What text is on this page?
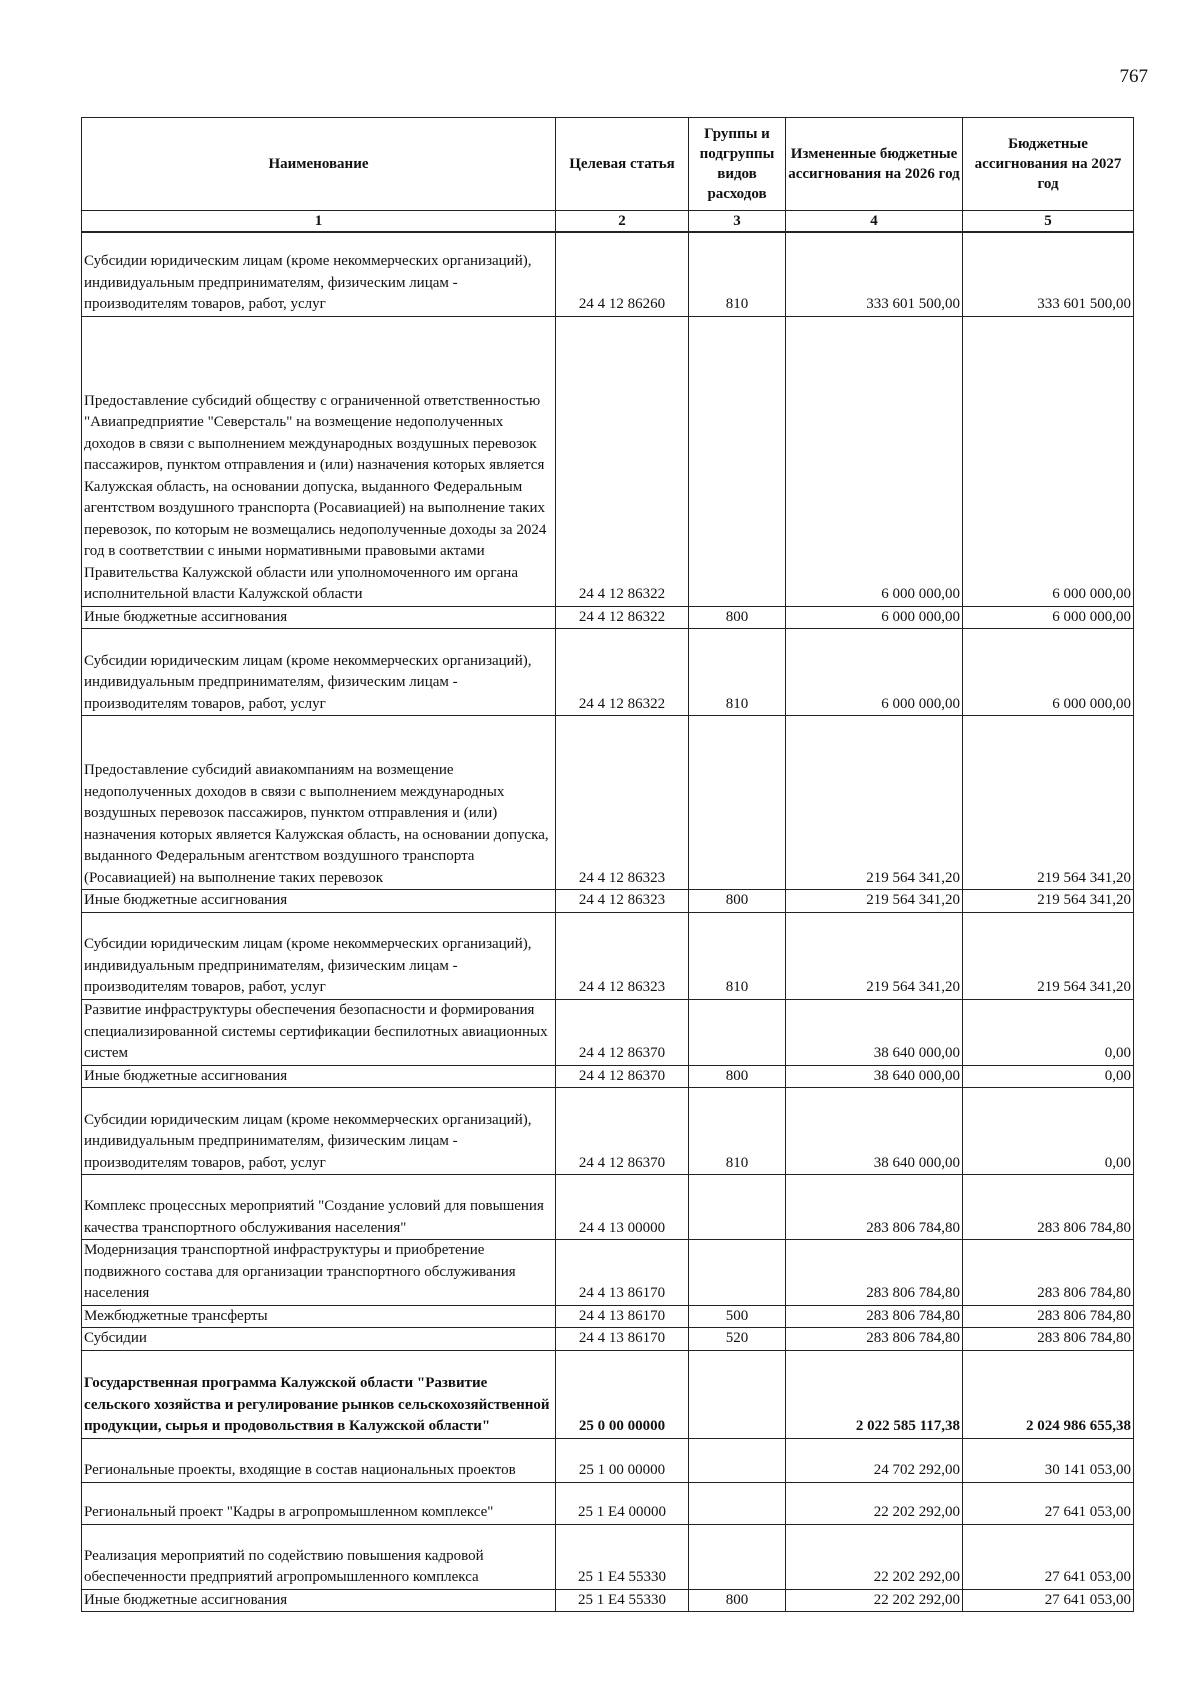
767
Наименование	Целевая статья	Группы и подгруппы видов расходов	Измененные бюджетные ассигнования на 2026 год	Бюджетные ассигнования на 2027 год
1	2	3	4	5
Субсидии юридическим лицам (кроме некоммерческих организаций), индивидуальным предпринимателям, физическим лицам - производителям товаров, работ, услуг	24 4 12 86260	810	333 601 500,00	333 601 500,00
Предоставление субсидий обществу с ограниченной ответственностью "Авиапредприятие "Северсталь" на возмещение недополученных доходов в связи с выполнением международных воздушных перевозок пассажиров, пунктом отправления и (или) назначения которых является Калужская область, на основании допуска, выданного Федеральным агентством воздушного транспорта (Росавиацией) на выполнение таких перевозок, по которым не возмещались недополученные доходы за 2024 год в соответствии с иными нормативными правовыми актами Правительства Калужской области или уполномоченного им органа исполнительной власти Калужской области	24 4 12 86322		6 000 000,00	6 000 000,00
Иные бюджетные ассигнования	24 4 12 86322	800	6 000 000,00	6 000 000,00
Субсидии юридическим лицам (кроме некоммерческих организаций), индивидуальным предпринимателям, физическим лицам - производителям товаров, работ, услуг	24 4 12 86322	810	6 000 000,00	6 000 000,00
Предоставление субсидий авиакомпаниям на возмещение недополученных доходов в связи с выполнением международных воздушных перевозок пассажиров, пунктом отправления и (или) назначения которых является Калужская область, на основании допуска, выданного Федеральным агентством воздушного транспорта (Росавиацией) на выполнение таких перевозок	24 4 12 86323		219 564 341,20	219 564 341,20
Иные бюджетные ассигнования	24 4 12 86323	800	219 564 341,20	219 564 341,20
Субсидии юридическим лицам (кроме некоммерческих организаций), индивидуальным предпринимателям, физическим лицам - производителям товаров, работ, услуг	24 4 12 86323	810	219 564 341,20	219 564 341,20
Развитие инфраструктуры обеспечения безопасности и формирования специализированной системы сертификации беспилотных авиационных систем	24 4 12 86370		38 640 000,00	0,00
Иные бюджетные ассигнования	24 4 12 86370	800	38 640 000,00	0,00
Субсидии юридическим лицам (кроме некоммерческих организаций), индивидуальным предпринимателям, физическим лицам - производителям товаров, работ, услуг	24 4 12 86370	810	38 640 000,00	0,00
Комплекс процессных мероприятий "Создание условий для повышения качества транспортного обслуживания населения"	24 4 13 00000		283 806 784,80	283 806 784,80
Модернизация транспортной инфраструктуры и приобретение подвижного состава для организации транспортного обслуживания населения	24 4 13 86170		283 806 784,80	283 806 784,80
Межбюджетные трансферты	24 4 13 86170	500	283 806 784,80	283 806 784,80
Субсидии	24 4 13 86170	520	283 806 784,80	283 806 784,80
Государственная программа Калужской области "Развитие сельского хозяйства и регулирование рынков сельскохозяйственной продукции, сырья и продовольствия в Калужской области"	25 0 00 00000		2 022 585 117,38	2 024 986 655,38
Региональные проекты, входящие в состав национальных проектов	25 1 00 00000		24 702 292,00	30 141 053,00
Региональный проект "Кадры в агропромышленном комплексе"	25 1 Е4 00000		22 202 292,00	27 641 053,00
Реализация мероприятий по содействию повышения кадровой обеспеченности предприятий агропромышленного комплекса	25 1 Е4 55330		22 202 292,00	27 641 053,00
Иные бюджетные ассигнования	25 1 Е4 55330	800	22 202 292,00	27 641 053,00
